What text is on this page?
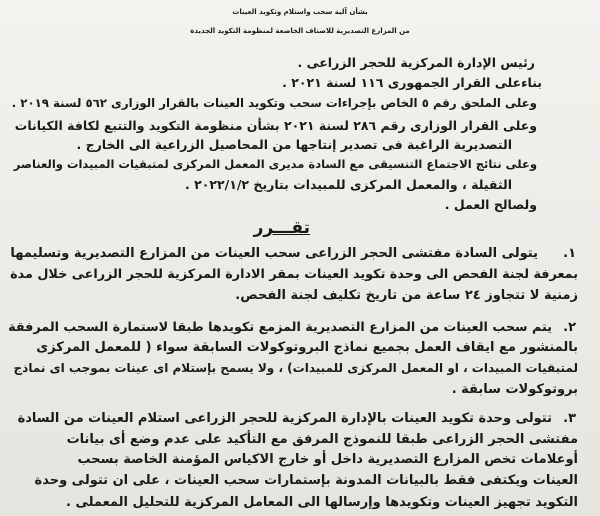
بشأن آلية سحب واستلام وتكويد العينات
من المزارع التصديرية للاصناف الخاضعة لمنظومة التكويد الجديدة
رئيس الإدارة المركزية للحجر الزراعى .
بناءعلى القرار الجمهورى ١١٦ لسنة ٢٠٢١ .
وعلى الملحق رقم ٥ الخاص بإجراءات سحب وتكويد العينات بالقرار الوزارى ٥٦٢ لسنة ٢٠١٩ .
وعلى القرار الوزارى رقم ٢٨٦ لسنة ٢٠٢١ بشأن منظومة التكويد والتتبع لكافة الكيانات
التصديرية الراغبة فى تصدير إنتاجها من المحاصيل الزراعية الى الخارج .
وعلى نتائج الاجتماع التنسيقى مع السادة مديرى المعمل المركزى لمتبقيات المبيدات والعناصر
الثقيلة ، والمعمل المركزى للمبيدات بتاريخ ٢٠٢٢/١/٢ .
ولصالح العمل .
تقـــرر
١.
يتولى السادة مفتشى الحجر الزراعى سحب العينات من المزارع التصديرية وتسليمها
بمعرفة لجنة الفحص الى وحدة تكويد العينات بمقر الادارة المركزية للحجر الزراعى خلال مدة
زمنية لا تتجاوز ٢٤ ساعة من تاريخ تكليف لجنة الفحص.
٢.
يتم سحب العينات من المزارع التصديرية المزمع تكويدها طبقا لاستمارة السحب المرفقة
بالمنشور مع ايقاف العمل بجميع نماذج البروتوكولات السابقة سواء ( للمعمل المركزى
لمتبقيات المبيدات ، او المعمل المركزى للمبيدات) ، ولا يسمح بإستلام اى عينات بموجب اى نماذج
بروتوكولات سابقة .
٣.
تتولى وحدة تكويد العينات بالإدارة المركزية للحجر الزراعى استلام العينات من السادة
مفتشى الحجر الزراعى طبقا للنموذج المرفق مع التأكيد على عدم وضع أى بيانات
أوعلامات تخص المزارع التصديرية داخل أو خارج الاكياس المؤمنة الخاصة بسحب
العينات ويكتفى فقط بالبيانات المدونة بإستمارات سحب العينات ، على ان تتولى وحدة
التكويد تجهيز العينات وتكويدها وإرسالها الى المعامل المركزية للتحليل المعملى .
